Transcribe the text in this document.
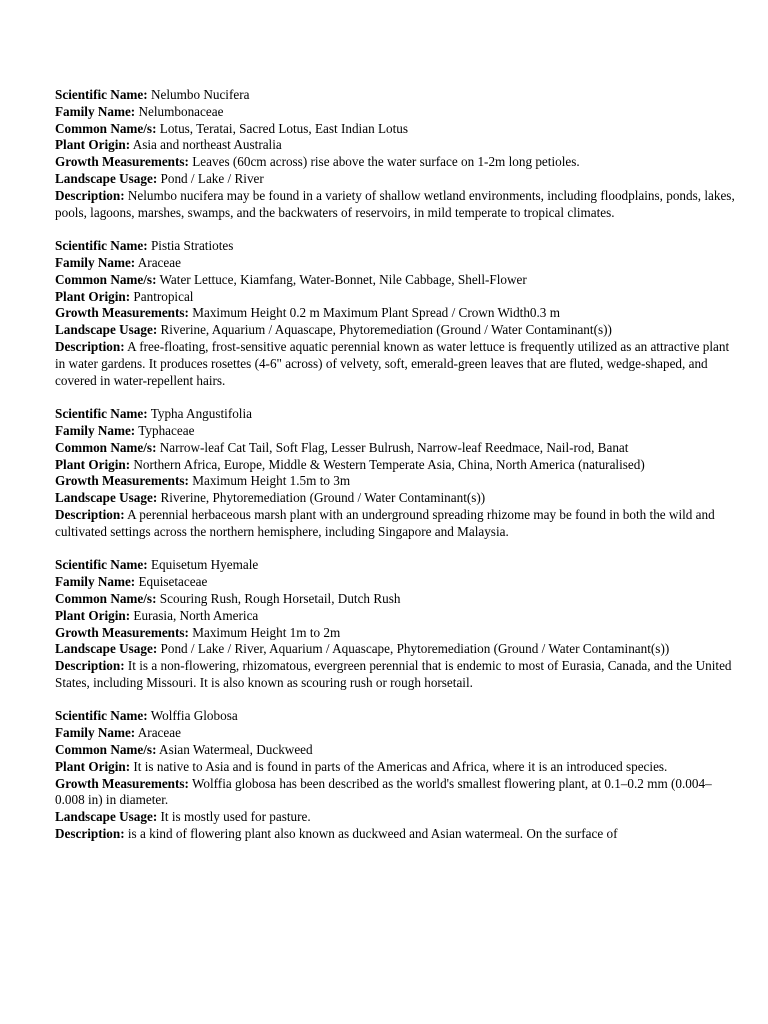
Scientific Name: Nelumbo Nucifera
Family Name: Nelumbonaceae
Common Name/s: Lotus, Teratai, Sacred Lotus, East Indian Lotus
Plant Origin: Asia and northeast Australia
Growth Measurements: Leaves (60cm across) rise above the water surface on 1-2m long petioles.
Landscape Usage: Pond / Lake / River
Description: Nelumbo nucifera may be found in a variety of shallow wetland environments, including floodplains, ponds, lakes, pools, lagoons, marshes, swamps, and the backwaters of reservoirs, in mild temperate to tropical climates.
Scientific Name: Pistia Stratiotes
Family Name: Araceae
Common Name/s: Water Lettuce, Kiamfang, Water-Bonnet, Nile Cabbage, Shell-Flower
Plant Origin: Pantropical
Growth Measurements: Maximum Height 0.2 m Maximum Plant Spread / Crown Width0.3 m
Landscape Usage: Riverine, Aquarium / Aquascape, Phytoremediation (Ground / Water Contaminant(s))
Description: A free-floating, frost-sensitive aquatic perennial known as water lettuce is frequently utilized as an attractive plant in water gardens. It produces rosettes (4-6" across) of velvety, soft, emerald-green leaves that are fluted, wedge-shaped, and covered in water-repellent hairs.
Scientific Name: Typha Angustifolia
Family Name: Typhaceae
Common Name/s: Narrow-leaf Cat Tail, Soft Flag, Lesser Bulrush, Narrow-leaf Reedmace, Nail-rod, Banat
Plant Origin: Northern Africa, Europe, Middle & Western Temperate Asia, China, North America (naturalised)
Growth Measurements: Maximum Height 1.5m to 3m
Landscape Usage: Riverine, Phytoremediation (Ground / Water Contaminant(s))
Description: A perennial herbaceous marsh plant with an underground spreading rhizome may be found in both the wild and cultivated settings across the northern hemisphere, including Singapore and Malaysia.
Scientific Name: Equisetum Hyemale
Family Name: Equisetaceae
Common Name/s: Scouring Rush, Rough Horsetail, Dutch Rush
Plant Origin: Eurasia, North America
Growth Measurements: Maximum Height 1m to 2m
Landscape Usage: Pond / Lake / River, Aquarium / Aquascape, Phytoremediation (Ground / Water Contaminant(s))
Description: It is a non-flowering, rhizomatous, evergreen perennial that is endemic to most of Eurasia, Canada, and the United States, including Missouri. It is also known as scouring rush or rough horsetail.
Scientific Name: Wolffia Globosa
Family Name: Araceae
Common Name/s: Asian Watermeal, Duckweed
Plant Origin: It is native to Asia and is found in parts of the Americas and Africa, where it is an introduced species.
Growth Measurements: Wolffia globosa has been described as the world's smallest flowering plant, at 0.1–0.2 mm (0.004–0.008 in) in diameter.
Landscape Usage: It is mostly used for pasture.
Description: is a kind of flowering plant also known as duckweed and Asian watermeal. On the surface of
